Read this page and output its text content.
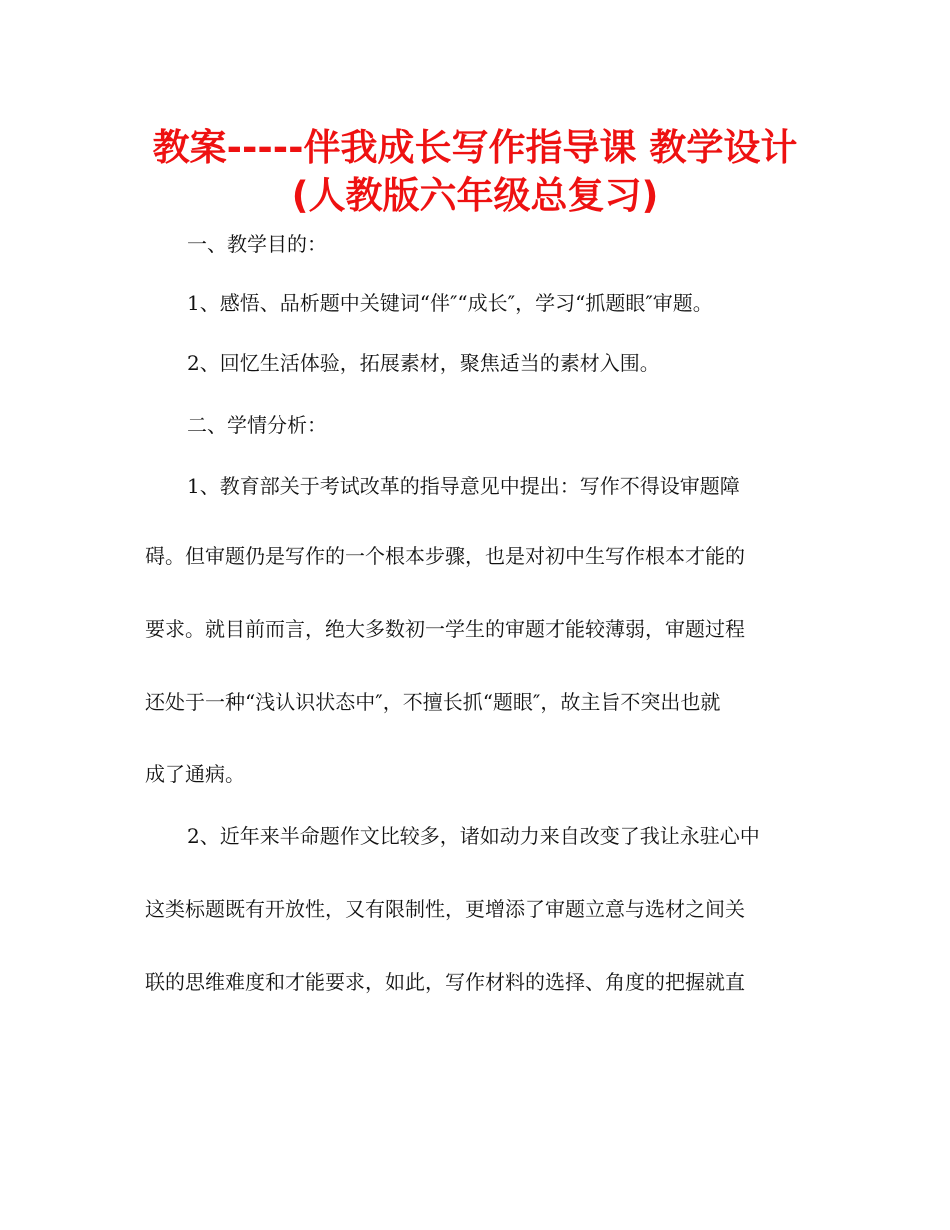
教案-----伴我成长写作指导课 教学设计
(人教版六年级总复习)
一、教学目的：
1、感悟、品析题中关键词“伴″“成长″，学习“抓题眼″审题。
2、回忆生活体验，拓展素材，聚焦适当的素材入围。
二、学情分析：
1、教育部关于考试改革的指导意见中提出：写作不得设审题障
碍。但审题仍是写作的一个根本步骤，也是对初中生写作根本才能的
要求。就目前而言，绝大多数初一学生的审题才能较薄弱，审题过程
还处于一种“浅认识状态中″，不擅长抓“题眼″，故主旨不突出也就
成了通病。
2、近年来半命题作文比较多，诸如动力来自改变了我让永驻心中
这类标题既有开放性，又有限制性，更增添了审题立意与选材之间关
联的思维难度和才能要求，如此，写作材料的选择、角度的把握就直
